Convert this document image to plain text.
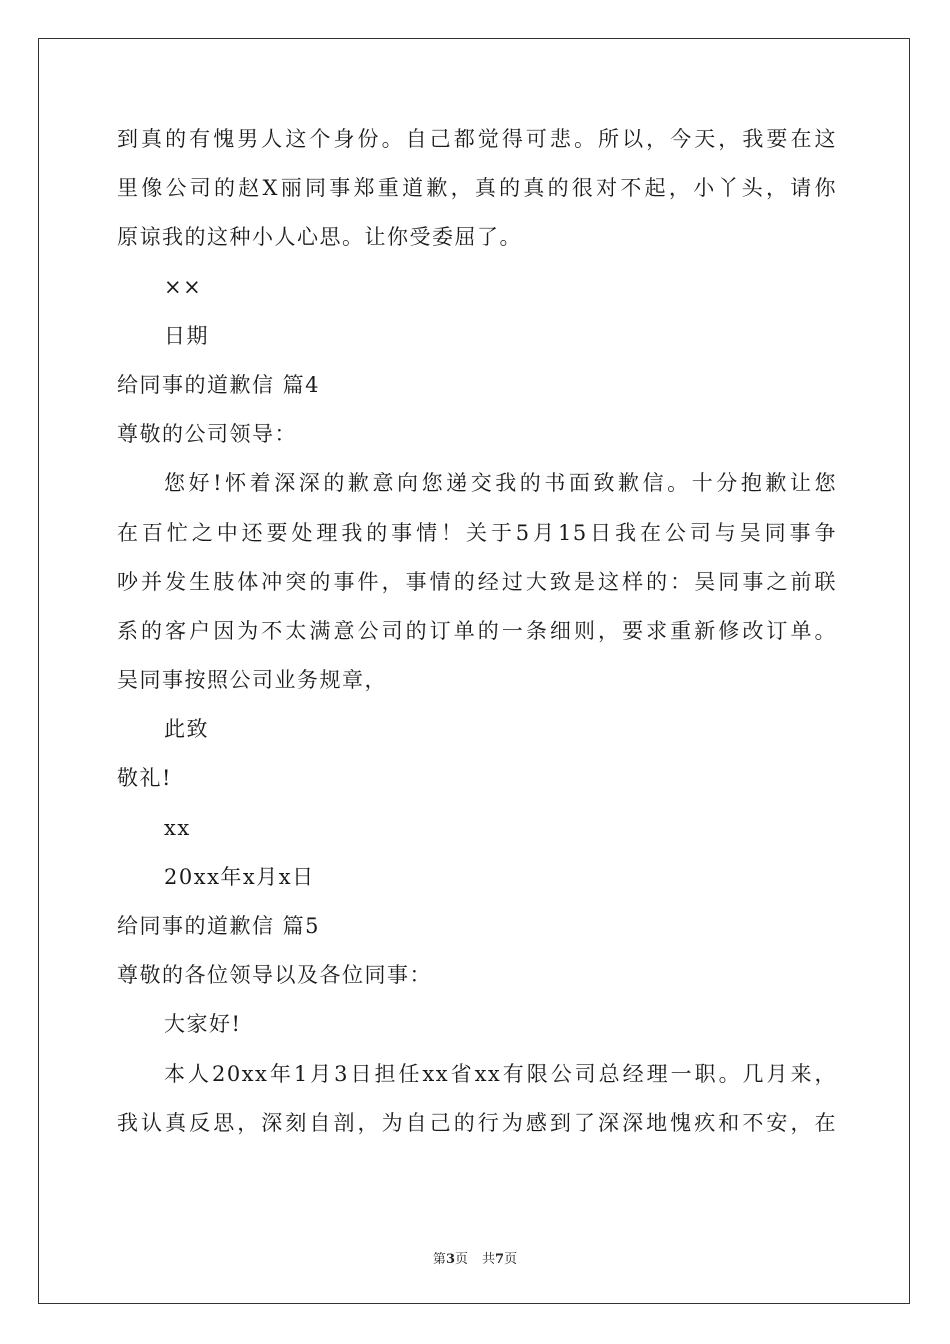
到真的有愧男人这个身份。自己都觉得可悲。所以，今天，我要在这
里像公司的赵X丽同事郑重道歉，真的真的很对不起，小丫头，请你
原谅我的这种小人心思。让你受委屈了。
××
日期
给同事的道歉信 篇4
尊敬的公司领导：
您好!怀着深深的歉意向您递交我的书面致歉信。十分抱歉让您
在百忙之中还要处理我的事情！关于5月15日我在公司与吴同事争
吵并发生肢体冲突的事件，事情的经过大致是这样的：吴同事之前联
系的客户因为不太满意公司的订单的一条细则，要求重新修改订单。
吴同事按照公司业务规章，
此致
敬礼!
xx
20xx年x月x日
给同事的道歉信 篇5
尊敬的各位领导以及各位同事：
大家好!
本人20xx年1月3日担任xx省xx有限公司总经理一职。几月来，
我认真反思，深刻自剖，为自己的行为感到了深深地愧疚和不安，在
第3页 共7页
